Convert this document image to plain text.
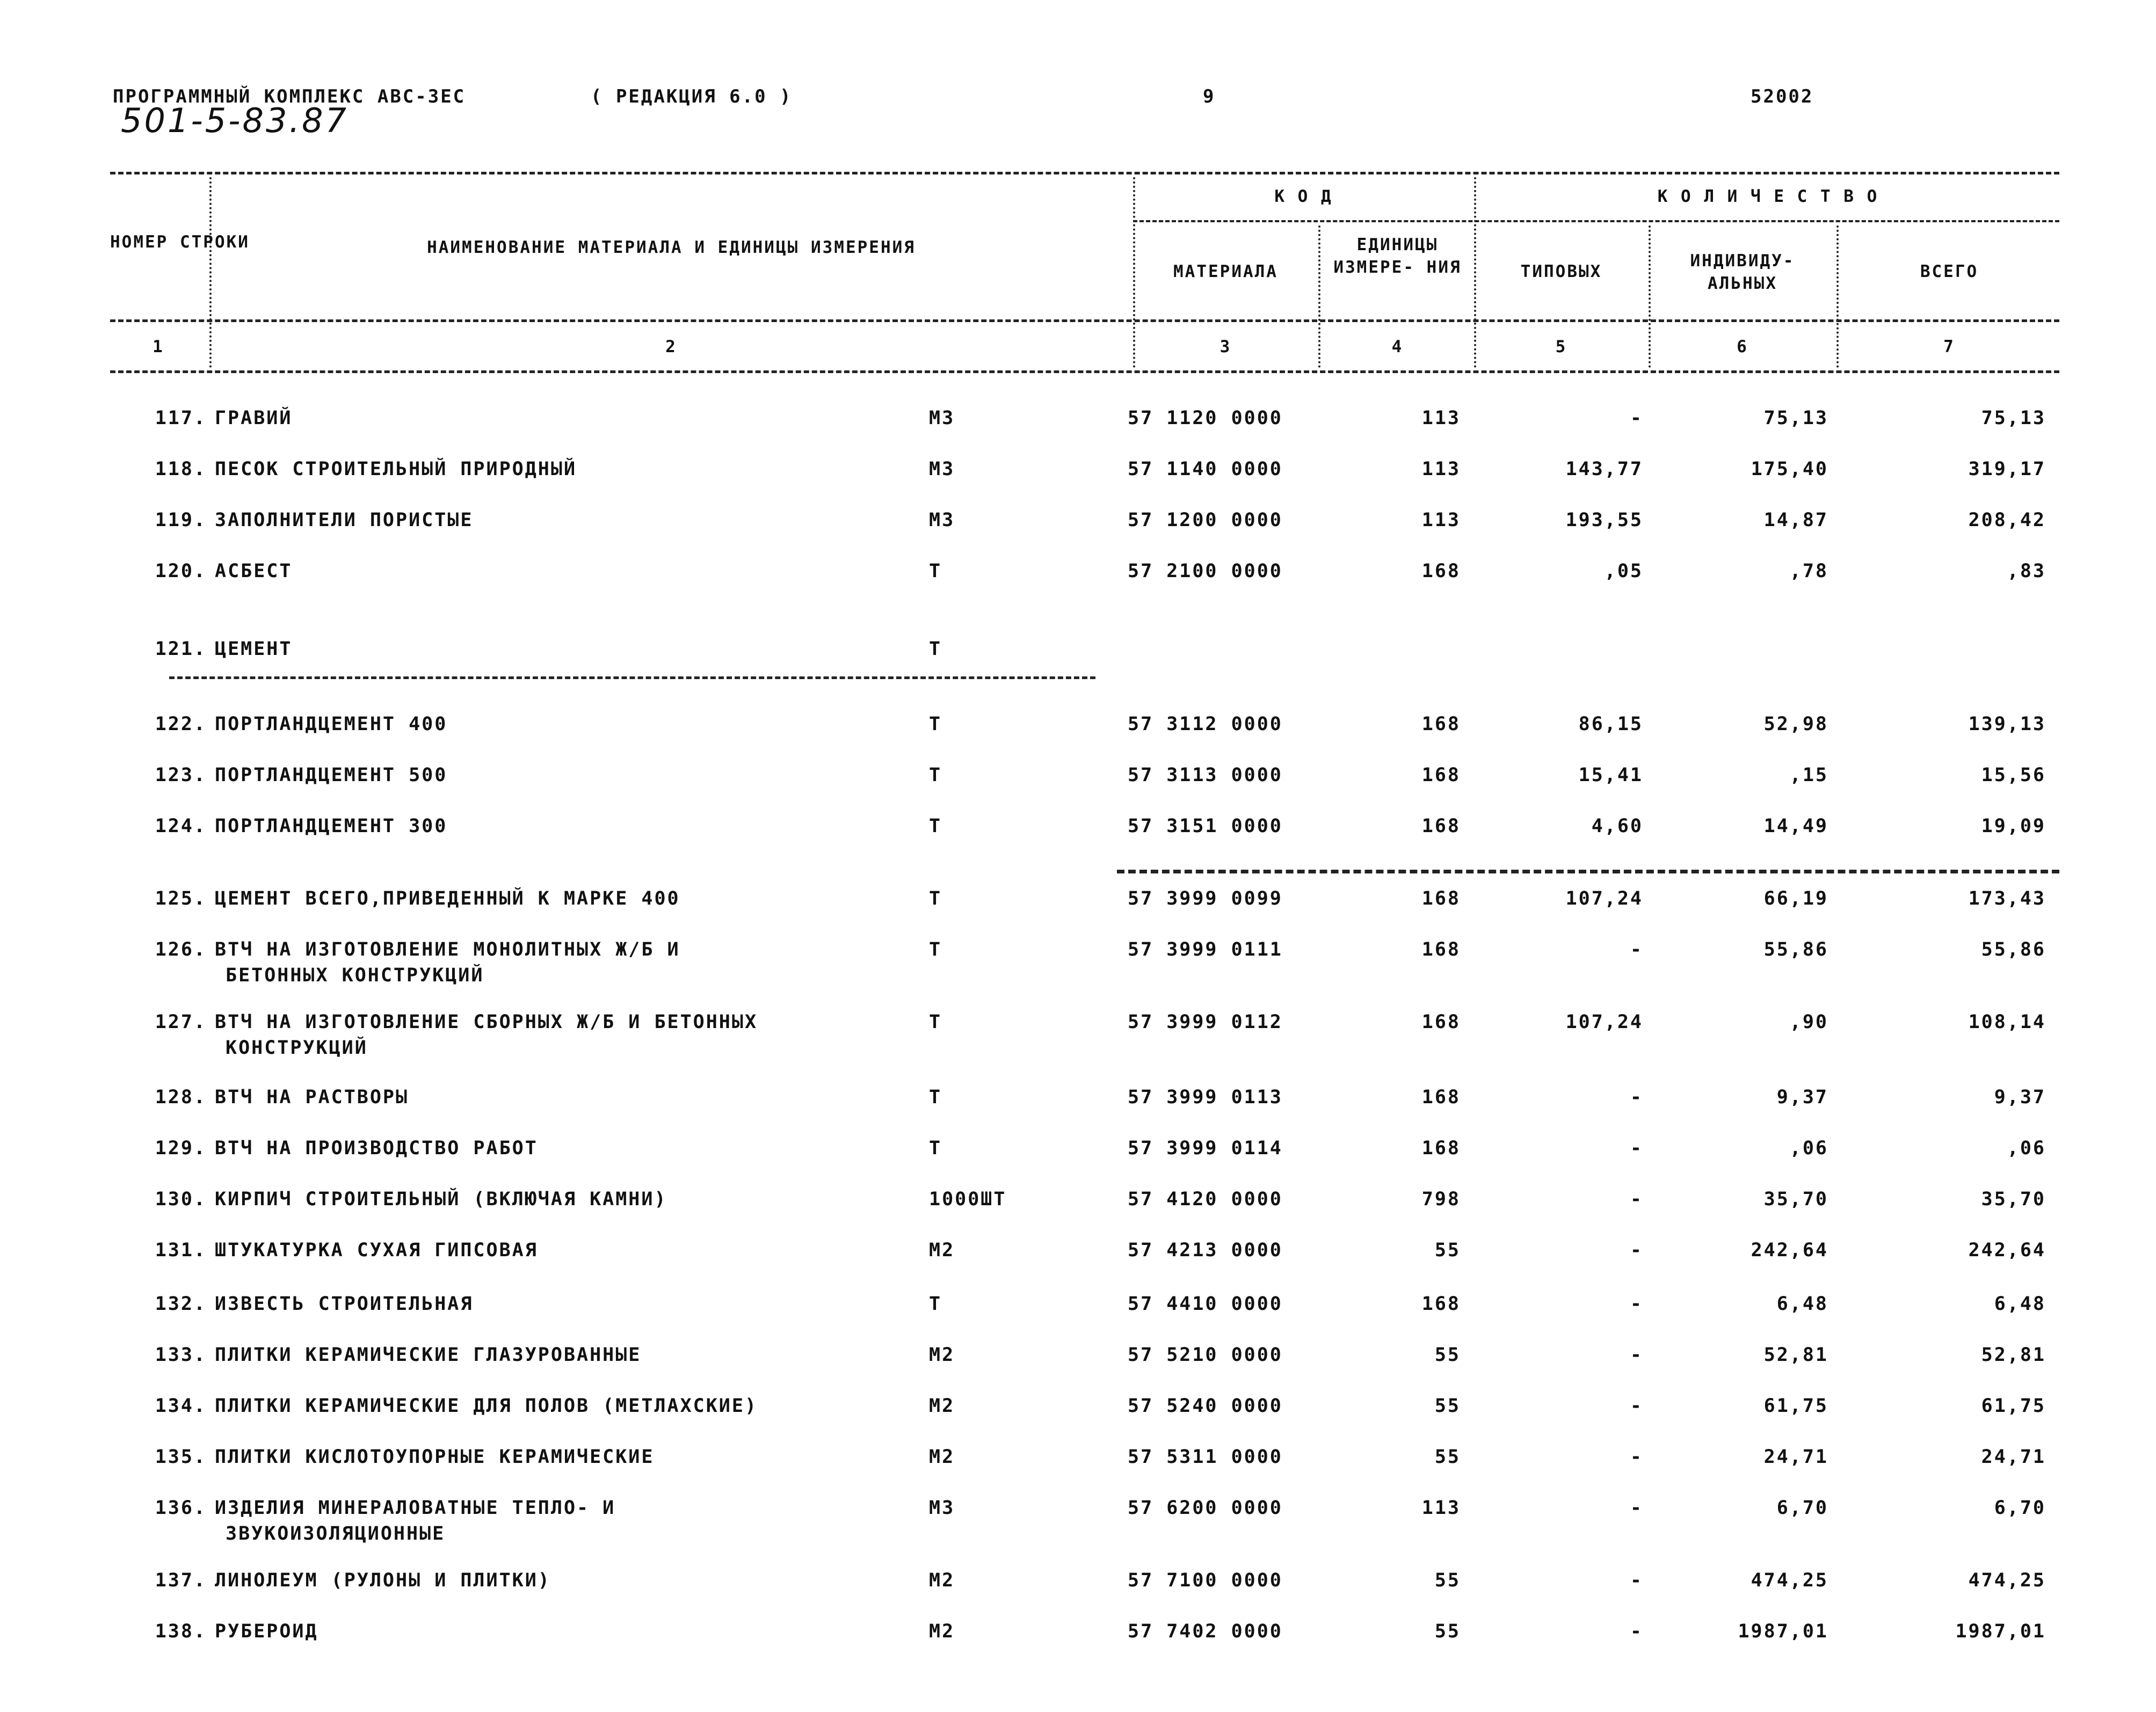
ПРОГРАММНЫЙ КОМПЛЕКС АВС-3ЕС	( РЕДАКЦИЯ 6.0 )	9	52002
501-5-83.87
НОМЕР СТРОКИ	НАИМЕНОВАНИЕ МАТЕРИАЛА И ЕДИНИЦЫ ИЗМЕРЕНИЯ
К О Д
МАТЕРИАЛА
ЕДИНИЦЫ ИЗМЕРЕ- НИЯ
К О Л И Ч Е С Т В О
ТИПОВЫХ
ИНДИВИДУ- АЛЬНЫХ
ВСЕГО
1	2	3	4	5	6	7
117. ГРАВИЙ	М3	57 1120 0000	113	-	75,13	75,13
118. ПЕСОК СТРОИТЕЛЬНЫЙ ПРИРОДНЫЙ	М3	57 1140 0000	113	143,77	175,40	319,17
119. ЗАПОЛНИТЕЛИ ПОРИСТЫЕ	М3	57 1200 0000	113	193,55	14,87	208,42
120. АСБЕСТ	Т	57 2100 0000	168	,05	,78	,83
121. ЦЕМЕНТ	Т
122. ПОРТЛАНДЦЕМЕНТ 400	Т	57 3112 0000	168	86,15	52,98	139,13
123. ПОРТЛАНДЦЕМЕНТ 500	Т	57 3113 0000	168	15,41	,15	15,56
124. ПОРТЛАНДЦЕМЕНТ 300	Т	57 3151 0000	168	4,60	14,49	19,09
125. ЦЕМЕНТ ВСЕГО,ПРИВЕДЕННЫЙ К МАРКЕ 400	Т	57 3999 0099	168	107,24	66,19	173,43
126. ВТЧ НА ИЗГОТОВЛЕНИЕ МОНОЛИТНЫХ Ж/Б И	Т	57 3999 0111	168	-	55,86	55,86
БЕТОННЫХ КОНСТРУКЦИЙ
127. ВТЧ НА ИЗГОТОВЛЕНИЕ СБОРНЫХ Ж/Б И БЕТОННЫХ	Т	57 3999 0112	168	107,24	,90	108,14
КОНСТРУКЦИЙ
128. ВТЧ НА РАСТВОРЫ	Т	57 3999 0113	168	-	9,37	9,37
129. ВТЧ НА ПРОИЗВОДСТВО РАБОТ	Т	57 3999 0114	168	-	,06	,06
130. КИРПИЧ СТРОИТЕЛЬНЫЙ (ВКЛЮЧАЯ КАМНИ)	1000ШТ	57 4120 0000	798	-	35,70	35,70
131. ШТУКАТУРКА СУХАЯ ГИПСОВАЯ	М2	57 4213 0000	55	-	242,64	242,64
132. ИЗВЕСТЬ СТРОИТЕЛЬНАЯ	Т	57 4410 0000	168	-	6,48	6,48
133. ПЛИТКИ КЕРАМИЧЕСКИЕ ГЛАЗУРОВАННЫЕ	М2	57 5210 0000	55	-	52,81	52,81
134. ПЛИТКИ КЕРАМИЧЕСКИЕ ДЛЯ ПОЛОВ (МЕТЛАХСКИЕ)	М2	57 5240 0000	55	-	61,75	61,75
135. ПЛИТКИ КИСЛОТОУПОРНЫЕ КЕРАМИЧЕСКИЕ	М2	57 5311 0000	55	-	24,71	24,71
136. ИЗДЕЛИЯ МИНЕРАЛОВАТНЫЕ ТЕПЛО- И	М3	57 6200 0000	113	-	6,70	6,70
ЗВУКОИЗОЛЯЦИОННЫЕ
137. ЛИНОЛЕУМ (РУЛОНЫ И ПЛИТКИ)	М2	57 7100 0000	55	-	474,25	474,25
138. РУБЕРОИД	М2	57 7402 0000	55	-	1987,01	1987,01
